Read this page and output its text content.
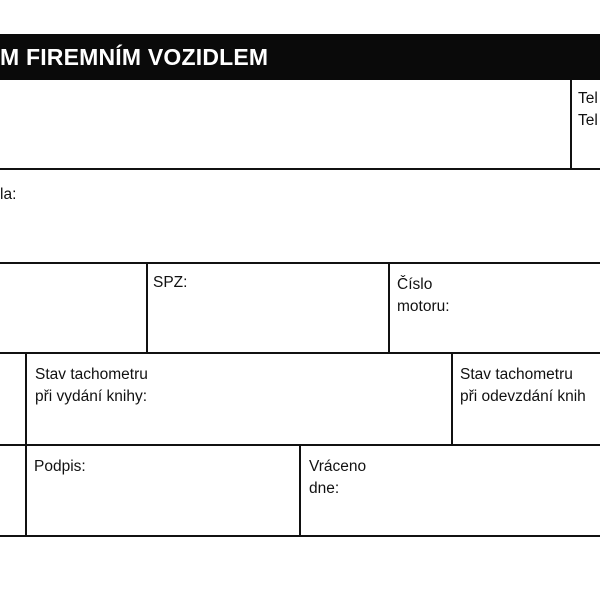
M FIREMNÍM VOZIDLEM
Tel
Tel
la:
SPZ:	Číslo
motoru:
Stav tachometru
při vydání knihy:
Stav tachometru
při odevzdání knih
Podpis:	Vráceno
dne:
